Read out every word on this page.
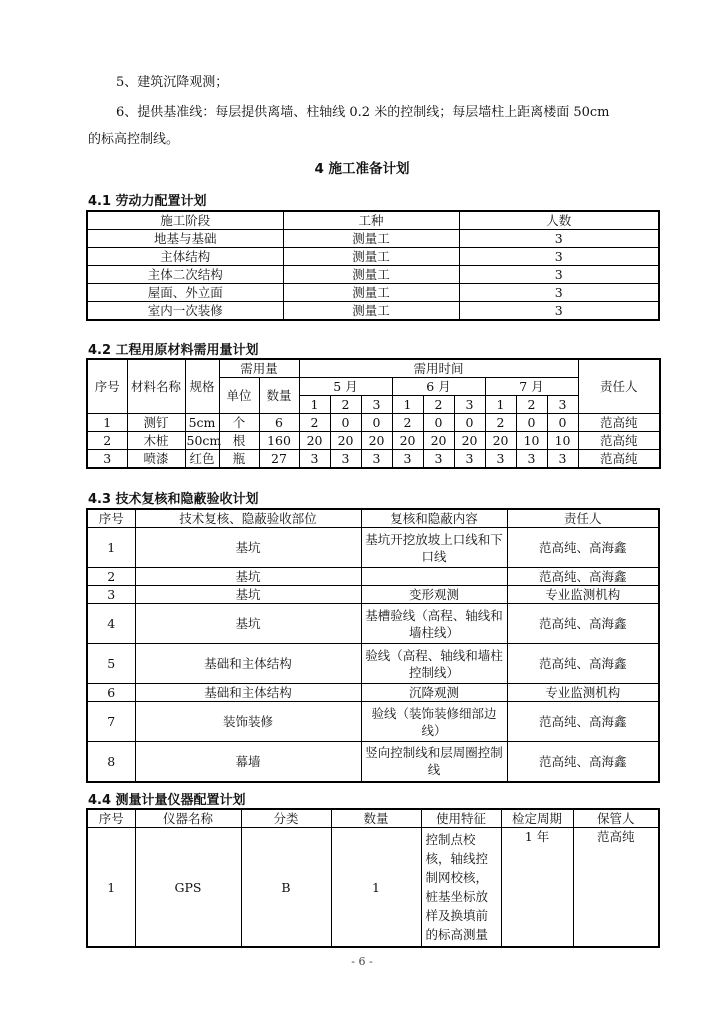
5、建筑沉降观测；
6、提供基准线：每层提供离墙、柱轴线 0.2 米的控制线；每层墙柱上距离楼面 50cm
的标高控制线。
4 施工准备计划
4.1 劳动力配置计划
施工阶段	工种	人数
地基与基础	测量工	3
主体结构	测量工	3
主体二次结构	测量工	3
屋面、外立面	测量工	3
室内一次装修	测量工	3
4.2 工程用原材料需用量计划
序号	材料名称	规格	需用量		需用时间									责任人
			单位	数量	5 月			6 月			7 月			
					1	2	3	1	2	3	1	2	3	
1	测钉	5cm	个	6	2	0	0	2	0	0	2	0	0	范高纯
2	木桩	50cm	根	160	20	20	20	20	20	20	20	10	10	范高纯
3	喷漆	红色	瓶	27	3	3	3	3	3	3	3	3	3	范高纯
4.3 技术复核和隐蔽验收计划
序号	技术复核、隐蔽验收部位	复核和隐蔽内容	责任人
1	基坑	基坑开挖放坡上口线和下口线	范高纯、高海鑫
2	基坑		范高纯、高海鑫
3	基坑	变形观测	专业监测机构
4	基坑	基槽验线（高程、轴线和墙柱线）	范高纯、高海鑫
5	基础和主体结构	验线（高程、轴线和墙柱控制线）	范高纯、高海鑫
6	基础和主体结构	沉降观测	专业监测机构
7	装饰装修	验线（装饰装修细部边线）	范高纯、高海鑫
8	幕墙	竖向控制线和层周圈控制线	范高纯、高海鑫
4.4 测量计量仪器配置计划
序号	仪器名称	分类	数量	使用特征	检定周期	保管人
1	GPS	B	1	控制点校核，轴线控制网校核，桩基坐标放样及换填前的标高测量	1 年	范高纯
- 6 -
